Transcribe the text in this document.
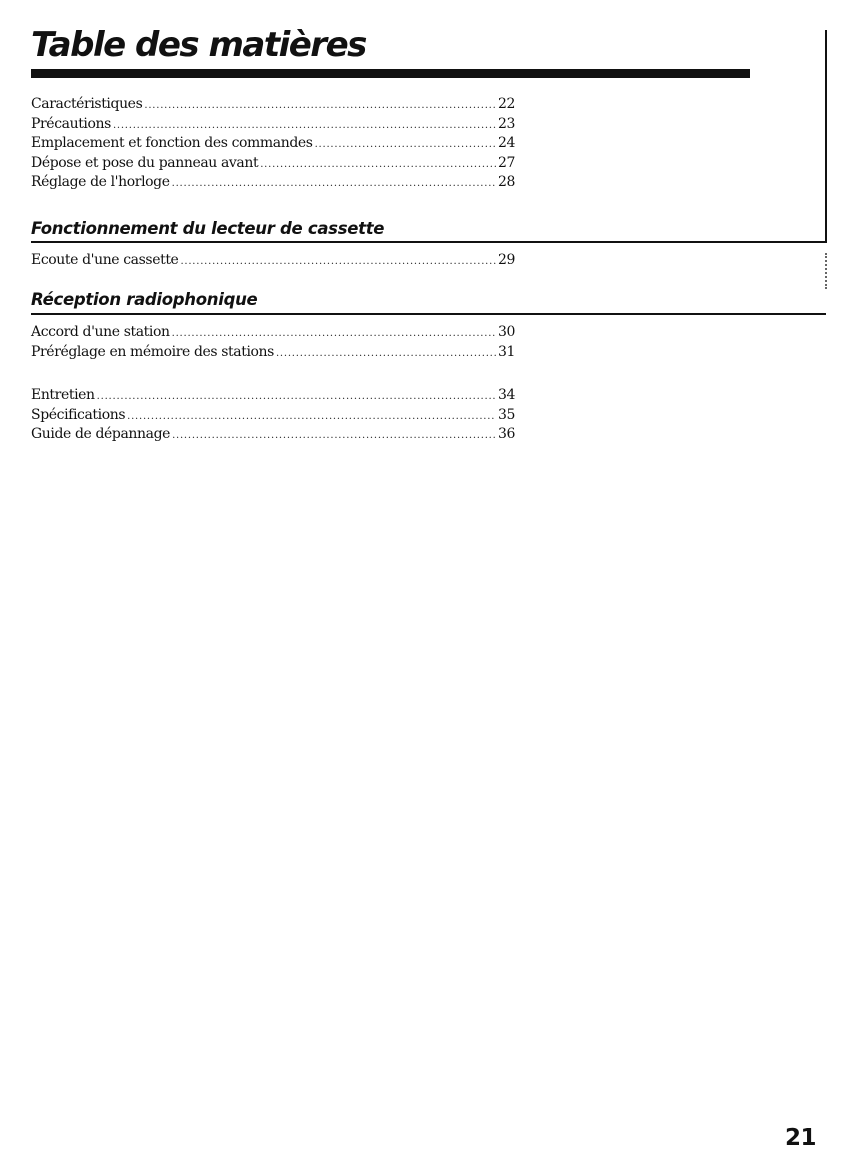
Table des matières
Caractéristiques . . .	22
Précautions . . .	23
Emplacement et fonction des commandes . . .	24
Dépose et pose du panneau avant . . .	27
Réglage de l'horloge . . .	28
Fonctionnement du lecteur de cassette
Ecoute d'une cassette . . .	29
Réception radiophonique
Accord d'une station . . .	30
Préréglage en mémoire des stations . . .	31
Entretien . . .	34
Spécifications . . .	35
Guide de dépannage . . .	36
21
